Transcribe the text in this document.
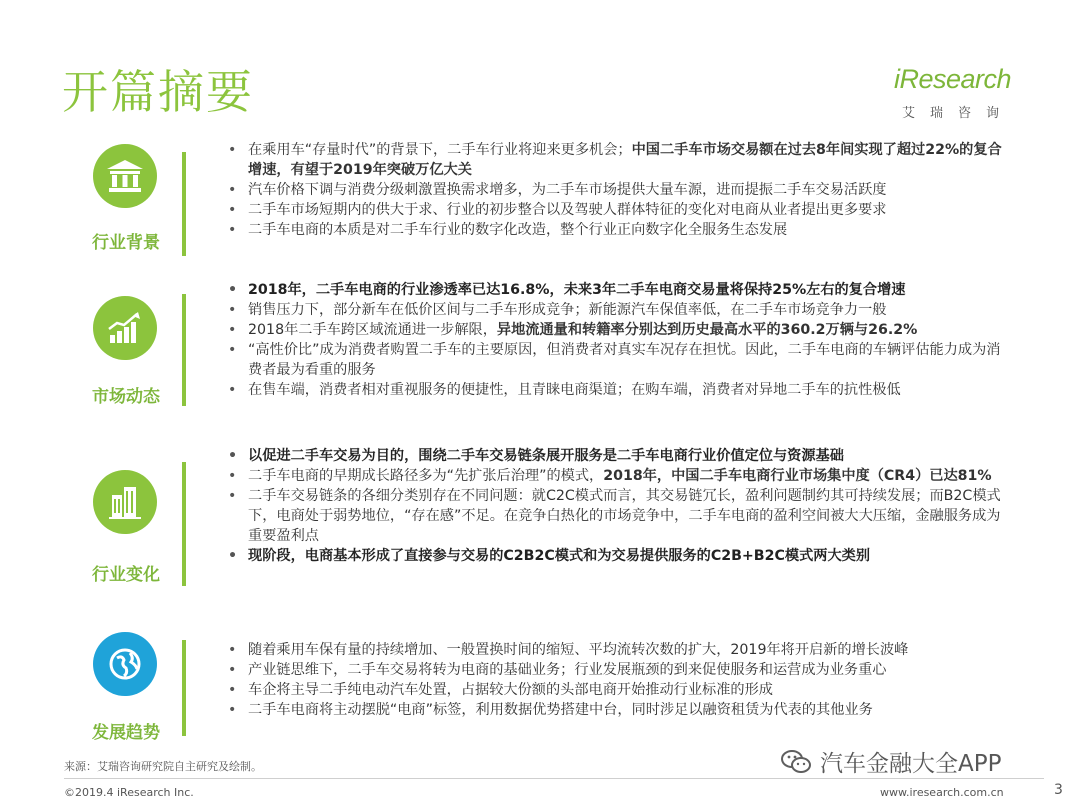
开篇摘要	iResearch
艾瑞咨询
行业背景
• 在乘用车“存量时代”的背景下，二手车行业将迎来更多机会；中国二手车市场交易额在过去8年间实现了超过22%的复合增速，有望于2019年突破万亿大关
• 汽车价格下调与消费分级刺激置换需求增多，为二手车市场提供大量车源，进而提振二手车交易活跃度
• 二手车市场短期内的供大于求、行业的初步整合以及驾驶人群体特征的变化对电商从业者提出更多要求
• 二手车电商的本质是对二手车行业的数字化改造，整个行业正向数字化全服务生态发展
市场动态
• 2018年，二手车电商的行业渗透率已达16.8%，未来3年二手车电商交易量将保持25%左右的复合增速
• 销售压力下，部分新车在低价区间与二手车形成竞争；新能源汽车保值率低，在二手车市场竞争力一般
• 2018年二手车跨区域流通进一步解限，异地流通量和转籍率分别达到历史最高水平的360.2万辆与26.2%
• “高性价比”成为消费者购置二手车的主要原因，但消费者对真实车况存在担忧。因此，二手车电商的车辆评估能力成为消费者最为看重的服务
• 在售车端，消费者相对重视服务的便捷性，且青睐电商渠道；在购车端，消费者对异地二手车的抗性极低
行业变化
• 以促进二手车交易为目的，围绕二手车交易链条展开服务是二手车电商行业价值定位与资源基础
• 二手车电商的早期成长路径多为“先扩张后治理”的模式，2018年，中国二手车电商行业市场集中度（CR4）已达81%
• 二手车交易链条的各细分类别存在不同问题：就C2C模式而言，其交易链冗长，盈利问题制约其可持续发展；而B2C模式下，电商处于弱势地位，“存在感”不足。在竞争白热化的市场竞争中，二手车电商的盈利空间被大大压缩，金融服务成为重要盈利点
• 现阶段，电商基本形成了直接参与交易的C2B2C模式和为交易提供服务的C2B+B2C模式两大类别
发展趋势
• 随着乘用车保有量的持续增加、一般置换时间的缩短、平均流转次数的扩大，2019年将开启新的增长波峰
• 产业链思维下，二手车交易将转为电商的基础业务；行业发展瓶颈的到来促使服务和运营成为业务重心
• 车企将主导二手纯电动汽车处置，占据较大份额的头部电商开始推动行业标准的形成
• 二手车电商将主动摆脱“电商”标签，利用数据优势搭建中台，同时涉足以融资租赁为代表的其他业务
汽车金融大全APP
来源：艾瑞咨询研究院自主研究及绘制。
©2019.4 iResearch Inc.	www.iresearch.com.cn	3
